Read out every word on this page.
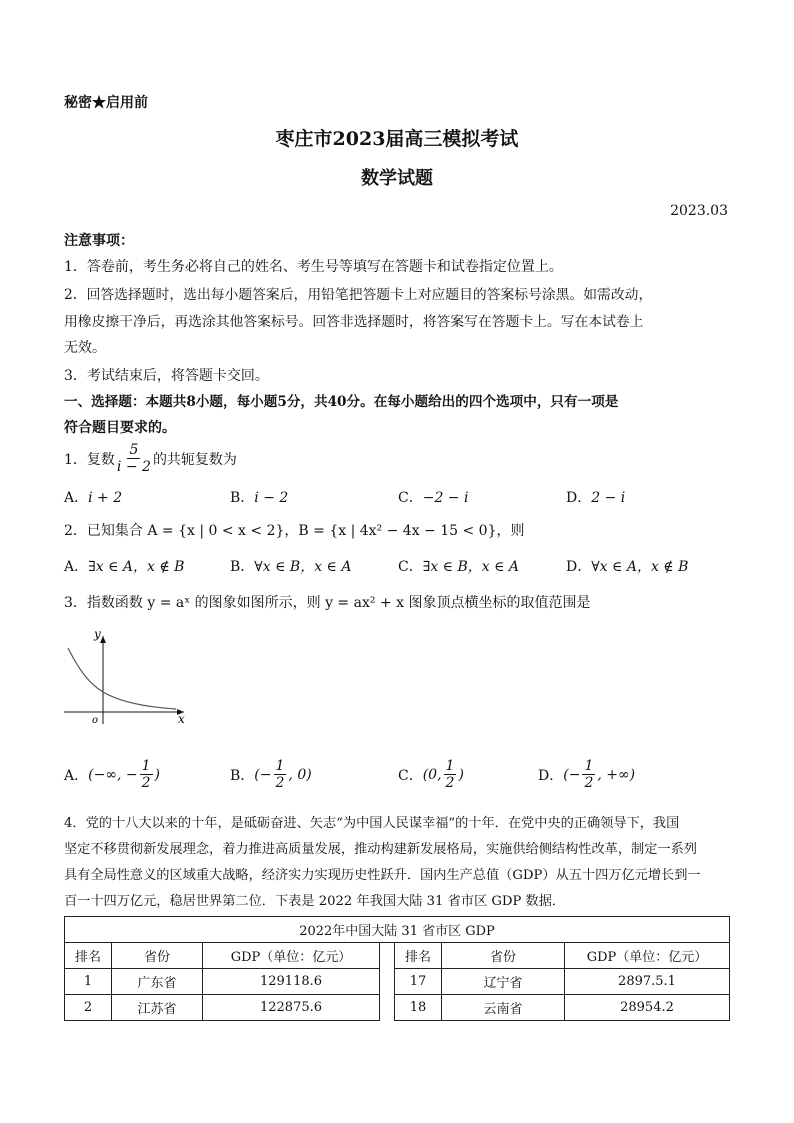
秘密★启用前
枣庄市2023届高三模拟考试
数学试题
2023.03
注意事项：
1．答卷前，考生务必将自己的姓名、考生号等填写在答题卡和试卷指定位置上。
2．回答选择题时，选出每小题答案后，用铅笔把答题卡上对应题目的答案标号涂黑。如需改动，
用橡皮擦干净后，再选涂其他答案标号。回答非选择题时，将答案写在答题卡上。写在本试卷上
无效。
3．考试结束后，将答题卡交回。
一、选择题：本题共8小题，每小题5分，共40分。在每小题给出的四个选项中，只有一项是
符合题目要求的。
1．复数 $\frac{5}{i - 2}$ 的共轭复数为
A．i + 2	B．i − 2	C．−2 − i	D．2 − i
2．已知集合 A = {x | 0 < x < 2}，B = {x | 4x² − 4x − 15 < 0}，则
A．∃x ∈ A，x ∉ B	B．∀x ∈ B，x ∈ A	C．∃x ∈ B，x ∈ A	D．∀x ∈ A，x ∉ B
3．指数函数 y = aˣ 的图象如图所示，则 y = ax² + x 图象顶点横坐标的取值范围是
y
x
o
A． (−∞, − $\frac{1}{2}$ )	B． (− $\frac{1}{2}$ , 0)	C． (0, $\frac{1}{2}$ )	D． (− $\frac{1}{2}$ , +∞)
4．党的十八大以来的十年，是砥砺奋进、矢志“为中国人民谋幸福”的十年．在党中央的正确领导下，我国
坚定不移贯彻新发展理念，着力推进高质量发展，推动构建新发展格局，实施供给侧结构性改革，制定一系列
具有全局性意义的区域重大战略，经济实力实现历史性跃升．国内生产总值（GDP）从五十四万亿元增长到一
百一十四万亿元，稳居世界第二位．下表是 2022 年我国大陆 31 省市区 GDP 数据．
2022年中国大陆 31 省市区 GDP						
排名	省份	GDP（单位：亿元）		排名	省份	GDP（单位：亿元）
1	广东省	129118.6		17	辽宁省	2897.5.1
2	江苏省	122875.6		18	云南省	28954.2
